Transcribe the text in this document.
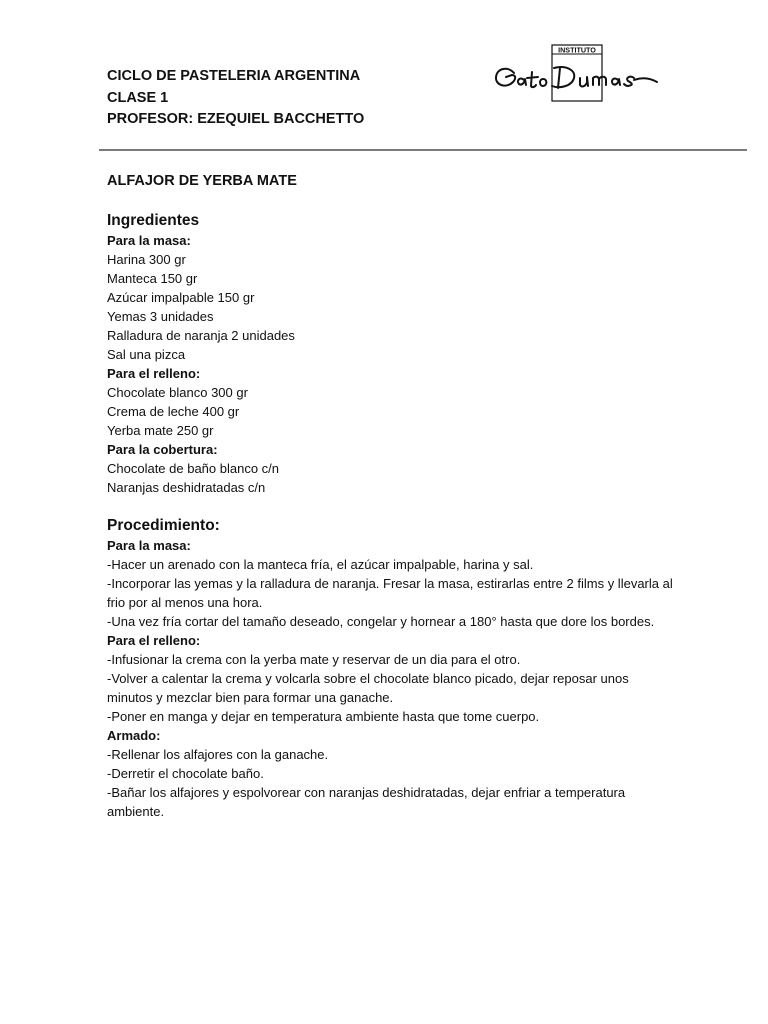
CICLO DE PASTELERIA ARGENTINA
CLASE 1
PROFESOR: EZEQUIEL BACCHETTO
INSTITUTO
Gato Dumas
ALFAJOR DE YERBA MATE
Ingredientes
Para la masa:
Harina 300 gr
Manteca 150 gr
Azúcar impalpable 150 gr
Yemas 3 unidades
Ralladura de naranja 2 unidades
Sal una pizca
Para el relleno:
Chocolate blanco 300 gr
Crema de leche 400 gr
Yerba mate 250 gr
Para la cobertura:
Chocolate de baño blanco c/n
Naranjas deshidratadas c/n
Procedimiento:
Para la masa:
-Hacer un arenado con la manteca fría, el azúcar impalpable, harina y sal.
-Incorporar las yemas y la ralladura de naranja. Fresar la masa, estirarlas entre 2 films y llevarla al frio por al menos una hora.
-Una vez fría cortar del tamaño deseado, congelar y hornear a 180° hasta que dore los bordes.
Para el relleno:
-Infusionar la crema con la yerba mate y reservar de un dia para el otro.
-Volver a calentar la crema y volcarla sobre el chocolate blanco picado, dejar reposar unos minutos y mezclar bien para formar una ganache.
-Poner en manga y dejar en temperatura ambiente hasta que tome cuerpo.
Armado:
-Rellenar los alfajores con la ganache.
-Derretir el chocolate baño.
-Bañar los alfajores y espolvorear con naranjas deshidratadas, dejar enfriar a temperatura ambiente.
